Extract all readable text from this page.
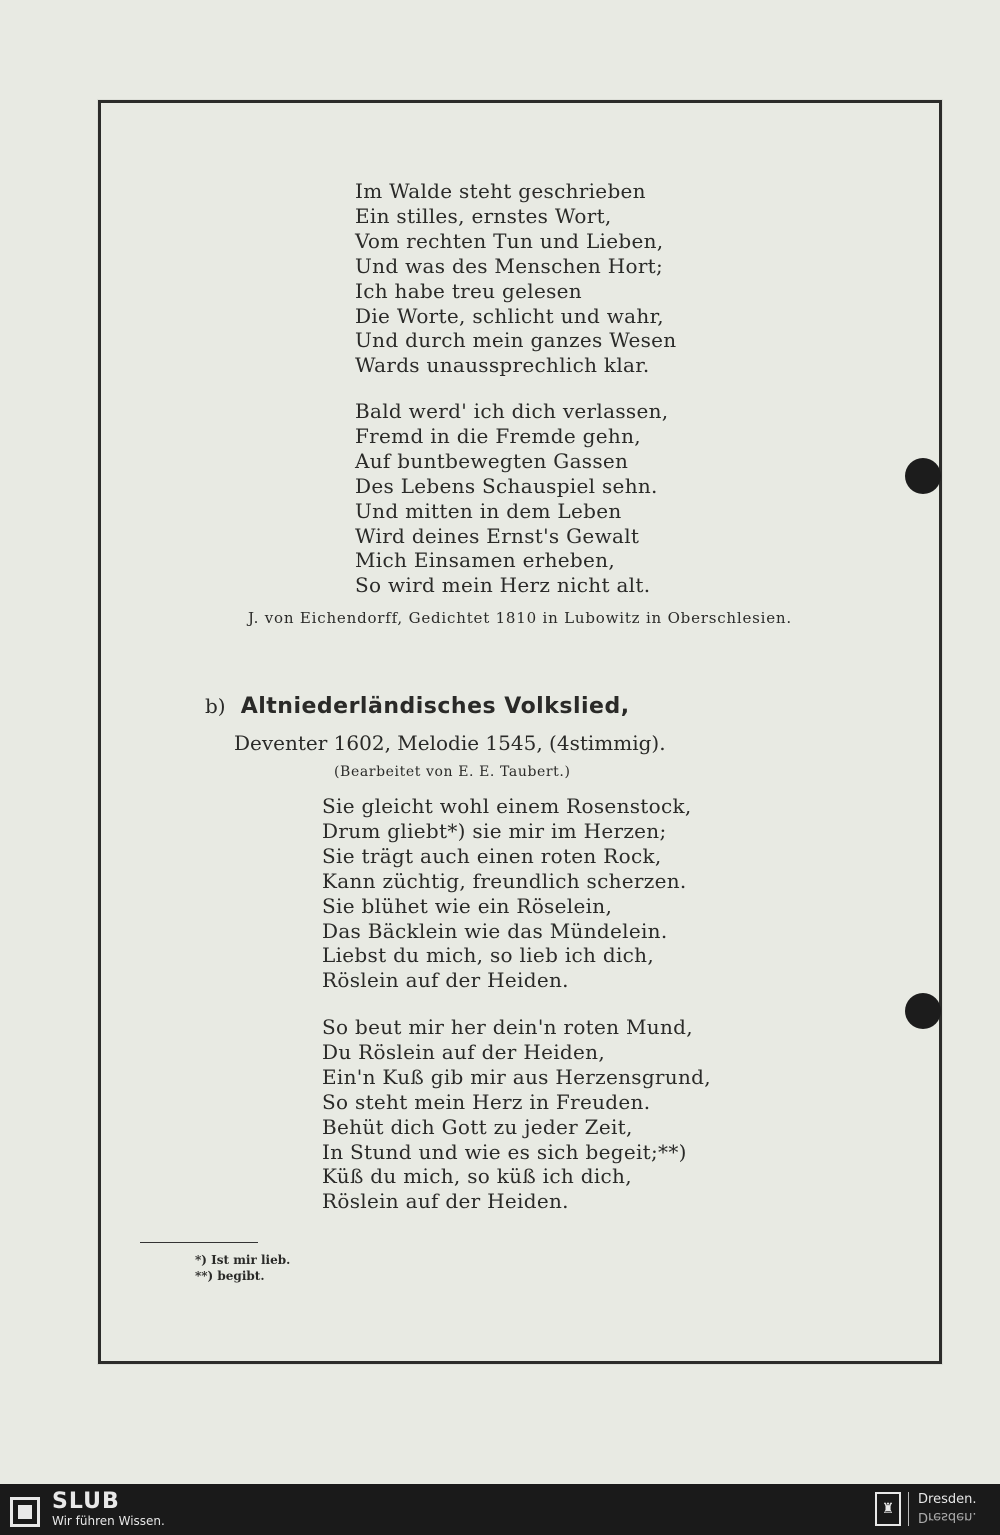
Im Walde steht geschrieben
Ein stilles, ernstes Wort,
Vom rechten Tun und Lieben,
Und was des Menschen Hort;
Ich habe treu gelesen
Die Worte, schlicht und wahr,
Und durch mein ganzes Wesen
Wards unaussprechlich klar.
Bald werd' ich dich verlassen,
Fremd in die Fremde gehn,
Auf buntbewegten Gassen
Des Lebens Schauspiel sehn.
Und mitten in dem Leben
Wird deines Ernst's Gewalt
Mich Einsamen erheben,
So wird mein Herz nicht alt.
J. von Eichendorff, Gedichtet 1810 in Lubowitz in Oberschlesien.
b) Altniederländisches Volkslied,
Deventer 1602, Melodie 1545, (4stimmig).
(Bearbeitet von E. E. Taubert.)
Sie gleicht wohl einem Rosenstock,
Drum gliebt*) sie mir im Herzen;
Sie trägt auch einen roten Rock,
Kann züchtig, freundlich scherzen.
Sie blühet wie ein Röselein,
Das Bäcklein wie das Mündelein.
Liebst du mich, so lieb ich dich,
Röslein auf der Heiden.
So beut mir her dein'n roten Mund,
Du Röslein auf der Heiden,
Ein'n Kuß gib mir aus Herzensgrund,
So steht mein Herz in Freuden.
Behüt dich Gott zu jeder Zeit,
In Stund und wie es sich begeit;**)
Küß du mich, so küß ich dich,
Röslein auf der Heiden.
*) Ist mir lieb.
**) begibt.
SLUB
Wir führen Wissen.
♜
Dresden.
Dresden.
